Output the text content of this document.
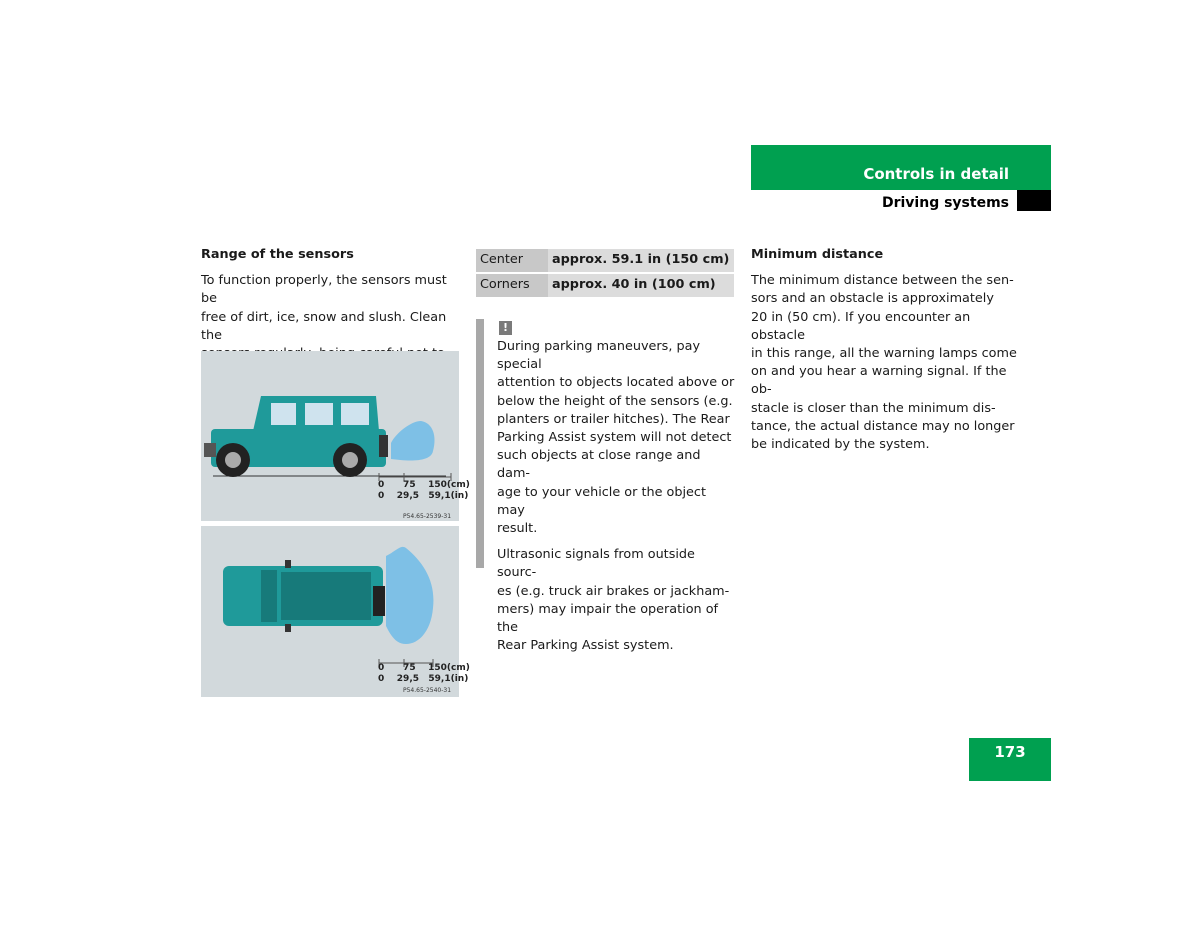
Controls in detail
Driving systems
Range of the sensors

To function properly, the sensors must be
free of dirt, ice, snow and slush. Clean the

0      75    150(cm)
0    29,5   59,1(in)
P54.65-2539-31
0      75    150(cm)
0    29,5   59,1(in)
P54.65-2540-31
Center	approx. 59.1 in (150 cm)
Corners	approx. 40 in (100 cm)
!

During parking maneuvers, pay special
attention to objects located above or
below the height of the sensors (e.g.
planters or trailer hitches). The Rear
Parking Assist system will not detect
such objects at close range and dam-
age to your vehicle or the object may
result.

Ultrasonic signals from outside sourc-
es (e.g. truck air brakes or jackham-
mers) may impair the operation of the
Rear Parking Assist system.

Minimum distance

The minimum distance between the sen-
sors and an obstacle is approximately
20 in (50 cm). If you encounter an obstacle
in this range, all the warning lamps come
on and you hear a warning signal. If the ob-
stacle is closer than the minimum dis-
tance, the actual distance may no longer
be indicated by the system.

173
